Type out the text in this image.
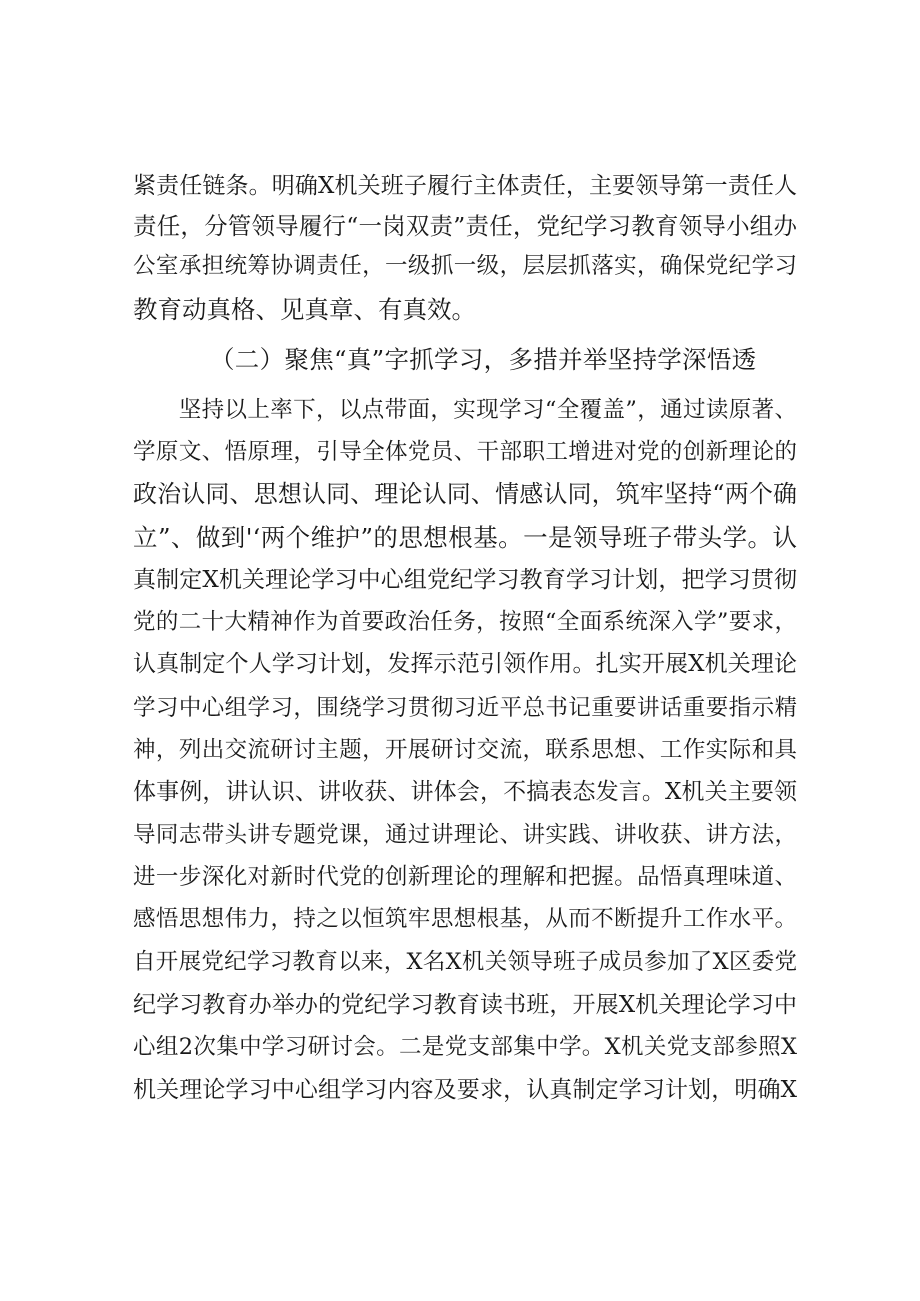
紧责任链条。明确X机关班子履行主体责任，主要领导第一责任人
责任，分管领导履行“一岗双责”责任，党纪学习教育领导小组办
公室承担统筹协调责任，一级抓一级，层层抓落实，确保党纪学习
教育动真格、见真章、有真效。
（二）聚焦“真”字抓学习，多措并举坚持学深悟透
　　坚持以上率下，以点带面，实现学习“全覆盖”，通过读原著、
学原文、悟原理，引导全体党员、干部职工增进对党的创新理论的
政治认同、思想认同、理论认同、情感认同，筑牢坚持“两个确
立”、做到'‘两个维护”的思想根基。一是领导班子带头学。认
真制定X机关理论学习中心组党纪学习教育学习计划，把学习贯彻
党的二十大精神作为首要政治任务，按照“全面系统深入学”要求，
认真制定个人学习计划，发挥示范引领作用。扎实开展X机关理论
学习中心组学习，围绕学习贯彻习近平总书记重要讲话重要指示精
神，列出交流研讨主题，开展研讨交流，联系思想、工作实际和具
体事例，讲认识、讲收获、讲体会，不搞表态发言。X机关主要领
导同志带头讲专题党课，通过讲理论、讲实践、讲收获、讲方法，
进一步深化对新时代党的创新理论的理解和把握。品悟真理味道、
感悟思想伟力，持之以恒筑牢思想根基，从而不断提升工作水平。
自开展党纪学习教育以来，X名X机关领导班子成员参加了X区委党
纪学习教育办举办的党纪学习教育读书班，开展X机关理论学习中
心组2次集中学习研讨会。二是党支部集中学。X机关党支部参照X
机关理论学习中心组学习内容及要求，认真制定学习计划，明确X
